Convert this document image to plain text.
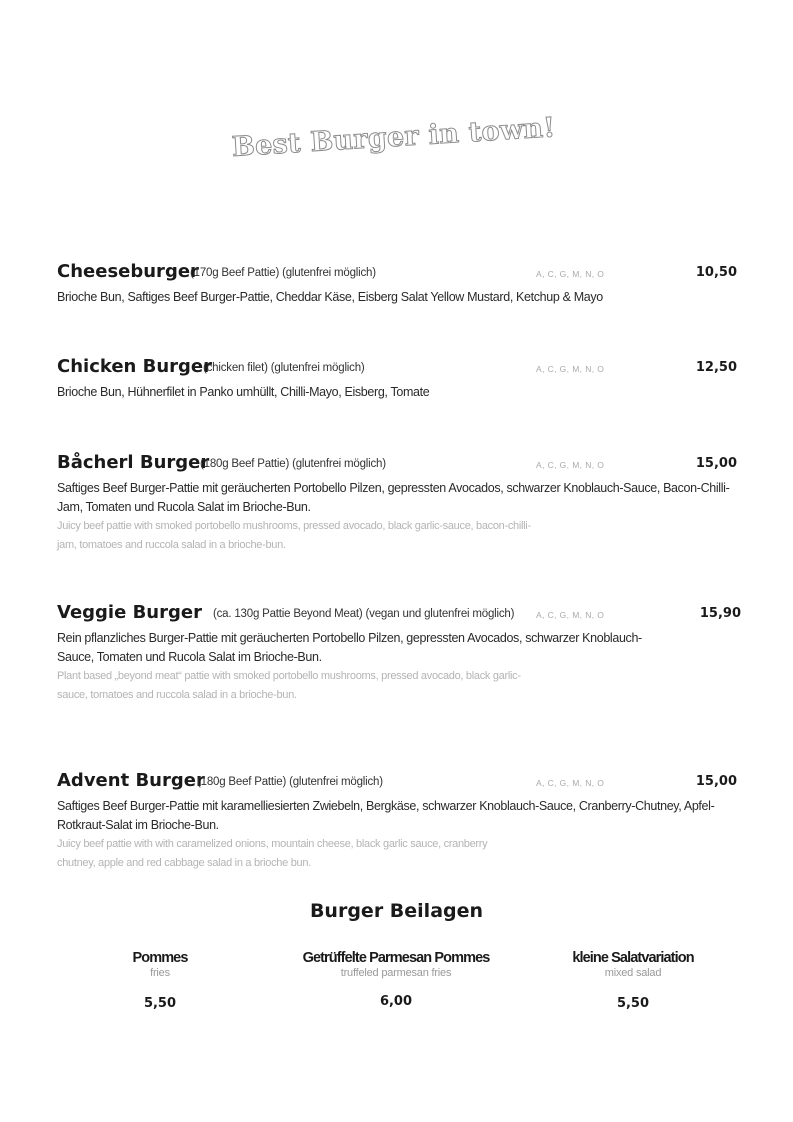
Best Burger in town!
Cheeseburger
(170g Beef Pattie) (glutenfrei möglich)	A, C, G, M, N, O	10,50
Brioche Bun, Saftiges Beef Burger-Pattie, Cheddar Käse, Eisberg Salat Yellow Mustard, Ketchup & Mayo
Chicken Burger
(chicken filet) (glutenfrei möglich)	A, C, G, M, N, O	12,50
Brioche Bun, Hühnerfilet in Panko umhüllt, Chilli-Mayo, Eisberg, Tomate
Båcherl Burger
(180g Beef Pattie) (glutenfrei möglich)	A, C, G, M, N, O	15,00
Saftiges Beef Burger-Pattie mit geräucherten Portobello Pilzen, gepressten Avocados, schwarzer Knoblauch-Sauce, Bacon-Chilli-Jam, Tomaten und Rucola Salat im Brioche-Bun.
Juicy beef pattie with smoked portobello mushrooms, pressed avocado, black garlic-sauce, bacon-chilli-jam, tomatoes and ruccola salad in a brioche-bun.
Veggie Burger (ca. 130g Pattie Beyond Meat) (vegan und glutenfrei möglich)	A, C, G, M, N, O	15,90
Rein pflanzliches Burger-Pattie mit geräucherten Portobello Pilzen, gepressten Avocados, schwarzer Knoblauch-Sauce, Tomaten und Rucola Salat im Brioche-Bun.
Plant based „beyond meat“ pattie with smoked portobello mushrooms, pressed avocado, black garlic-sauce, tomatoes and ruccola salad in a brioche-bun.
Advent Burger
(180g Beef Pattie) (glutenfrei möglich)	A, C, G, M, N, O	15,00
Saftiges Beef Burger-Pattie mit karamelliesierten Zwiebeln, Bergkäse, schwarzer Knoblauch-Sauce, Cranberry-Chutney, Apfel-Rotkraut-Salat im Brioche-Bun.
Juicy beef pattie with with caramelized onions, mountain cheese, black garlic sauce, cranberry chutney, apple and red cabbage salad in a brioche bun.
Burger Beilagen
Pommes
fries
5,50
Getrüffelte Parmesan Pommes
truffeled parmesan fries
6,00
kleine Salatvariation
mixed salad
5,50
